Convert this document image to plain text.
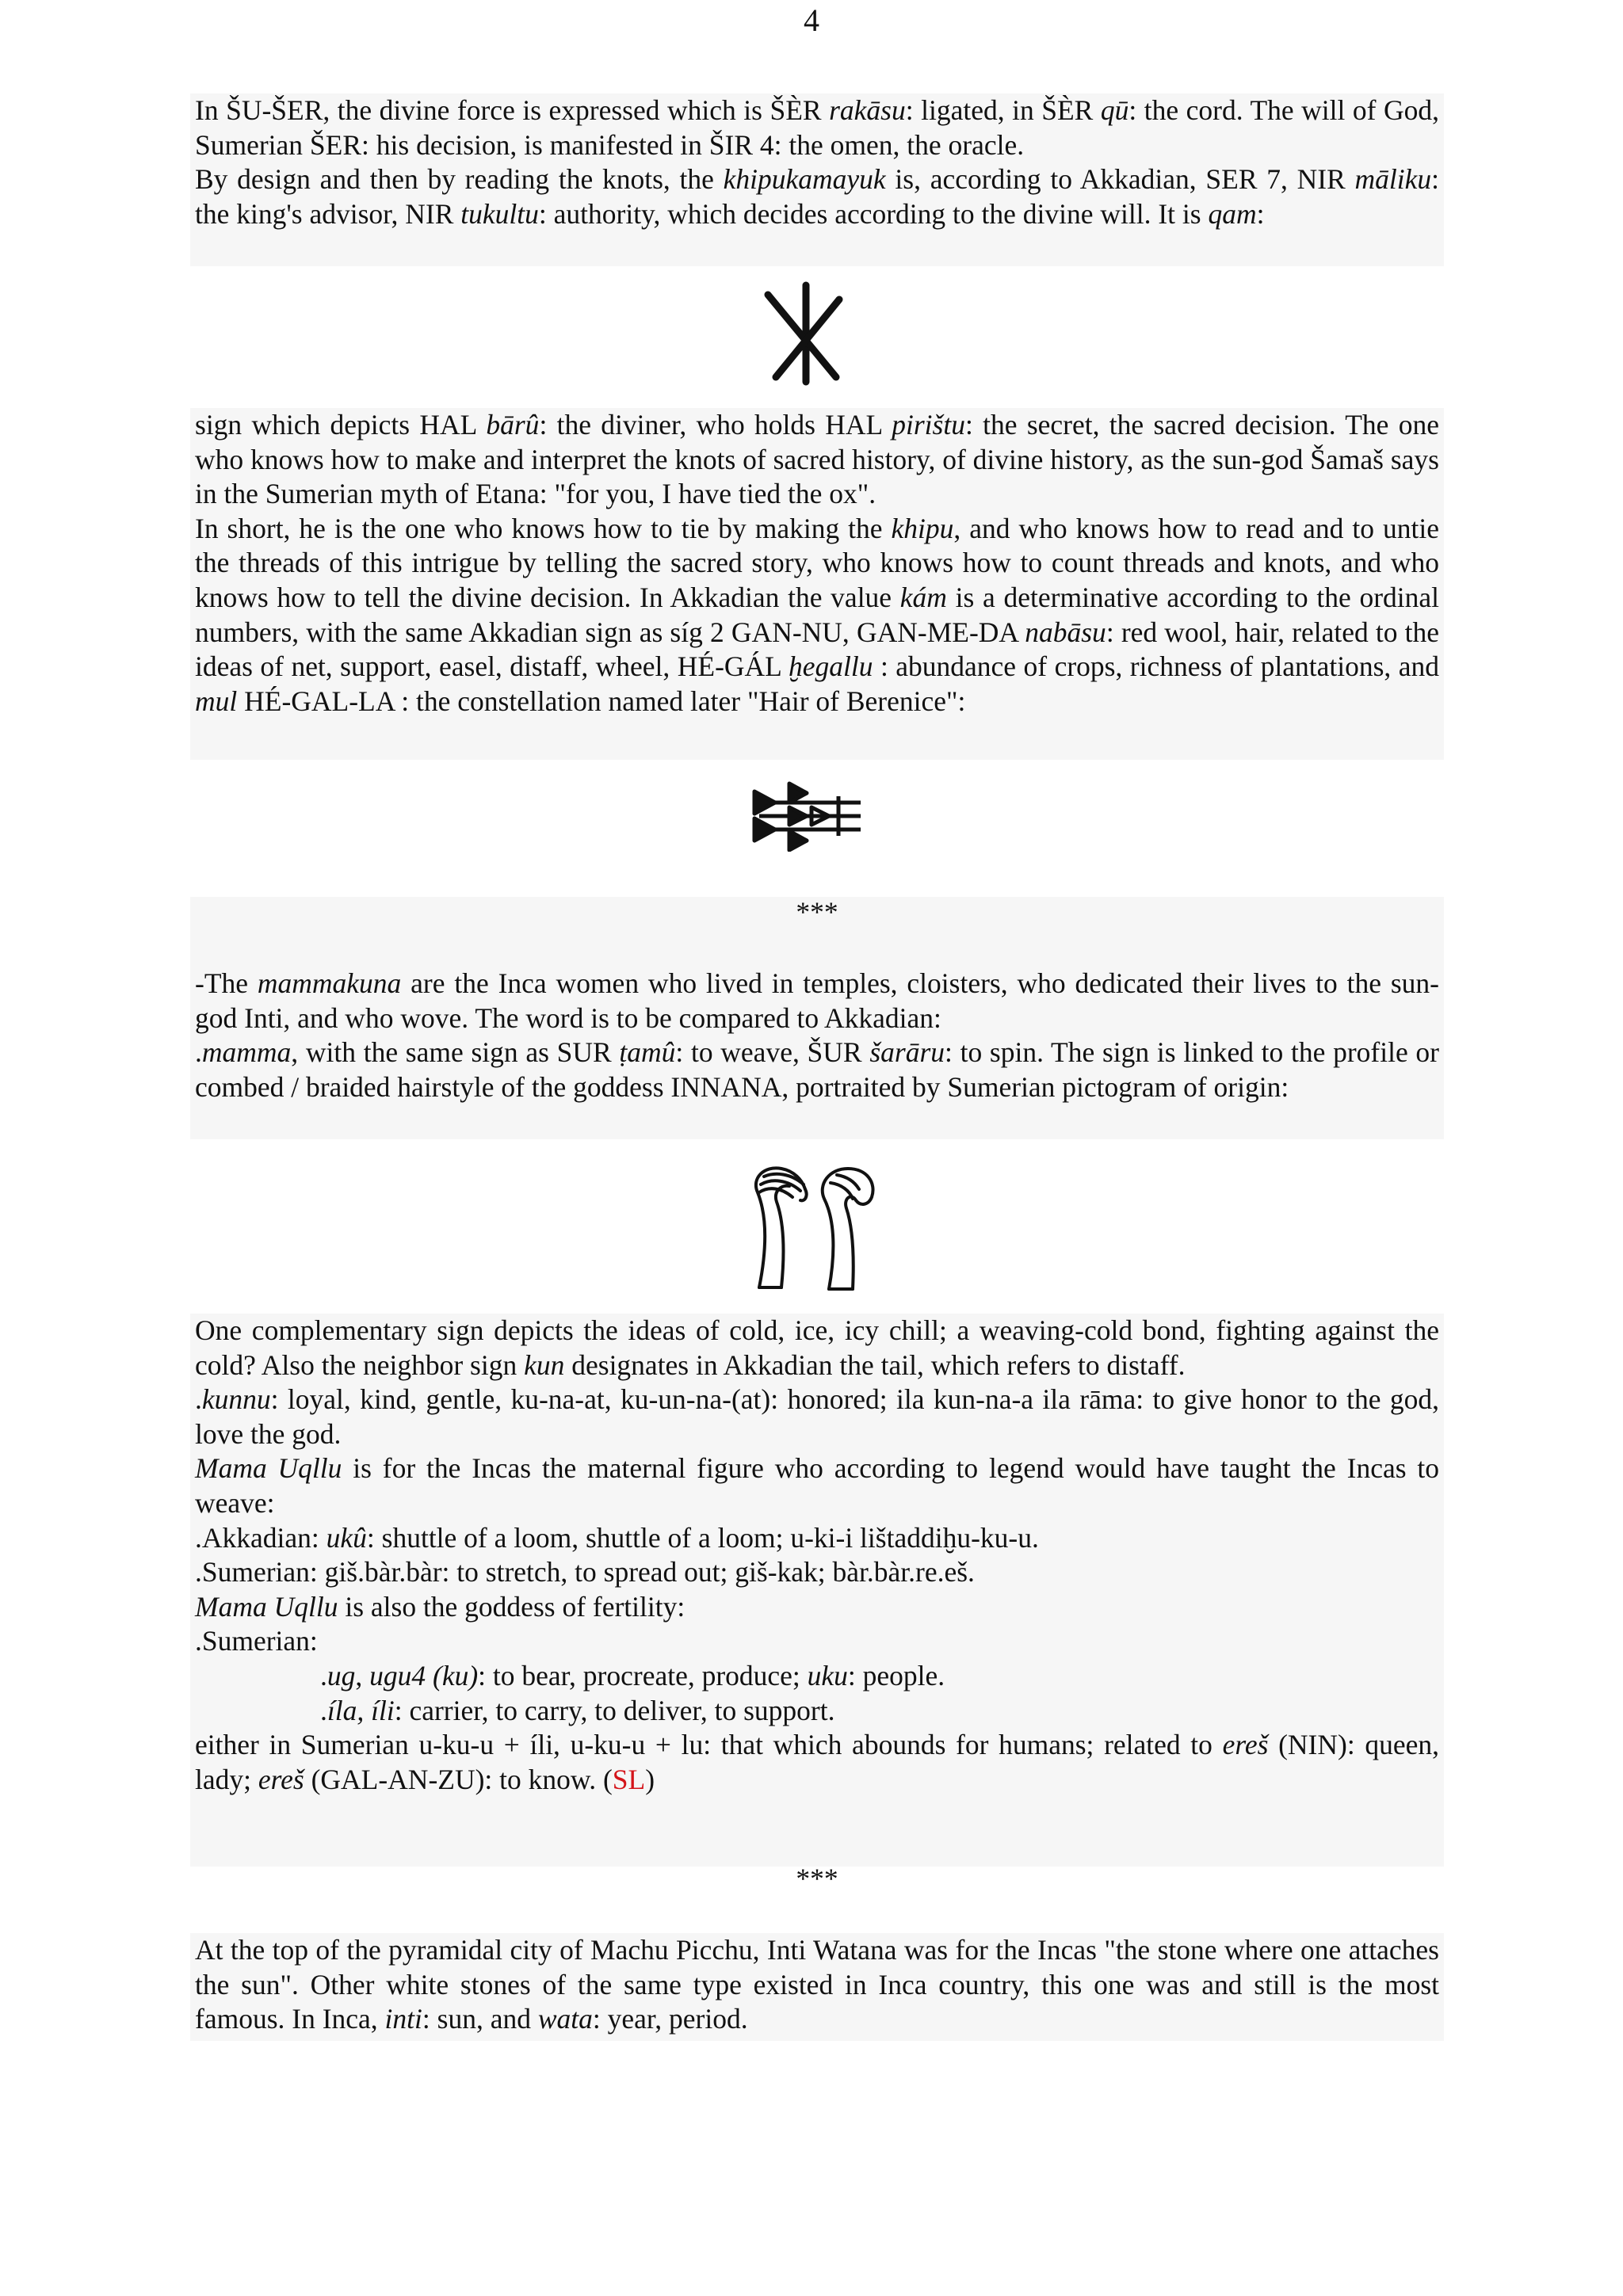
4

In ŠU-ŠER, the divine force is expressed which is ŠÈR rakāsu: ligated, in ŠÈR qū: the cord. The will of God, Sumerian ŠER: his decision, is manifested in ŠIR 4: the omen, the oracle.

By design and then by reading the knots, the khipukamayuk is, according to Akkadian, SER 7, NIR māliku: the king's advisor, NIR tukultu: authority, which decides according to the divine will. It is qam:

sign which depicts HAL bārû: the diviner, who holds HAL pirištu: the secret, the sacred decision. The one who knows how to make and interpret the knots of sacred history, of divine history, as the sun-god Šamaš says in the Sumerian myth of Etana: "for you, I have tied the ox".

In short, he is the one who knows how to tie by making the khipu, and who knows how to read and to untie the threads of this intrigue by telling the sacred story, who knows how to count threads and knots, and who knows how to tell the divine decision. In Akkadian the value kám is a determinative according to the ordinal numbers, with the same Akkadian sign as síg 2 GAN-NU, GAN-ME-DA nabāsu: red wool, hair, related to the ideas of net, support, easel, distaff, wheel, HÉ-GÁL ḫegallu : abundance of crops, richness of plantations, and mul HÉ-GAL-LA : the constellation named later "Hair of Berenice":

***

-The mammakuna are the Inca women who lived in temples, cloisters, who dedicated their lives to the sun-god Inti, and who wove. The word is to be compared to Akkadian:

.mamma, with the same sign as SUR ṭamû: to weave, ŠUR šarāru: to spin. The sign is linked to the profile or combed / braided hairstyle of the goddess INNANA, portraited by Sumerian pictogram of origin:

One complementary sign depicts the ideas of cold, ice, icy chill; a weaving-cold bond, fighting against the cold? Also the neighbor sign kun designates in Akkadian the tail, which refers to distaff.

.kunnu: loyal, kind, gentle, ku-na-at, ku-un-na-(at): honored; ila kun-na-a ila rāma: to give honor to the god, love the god.

Mama Uqllu is for the Incas the maternal figure who according to legend would have taught the Incas to weave:

.Akkadian: ukû: shuttle of a loom, shuttle of a loom; u-ki-i lištaddiḫu-ku-u.

.Sumerian: giš.bàr.bàr: to stretch, to spread out; giš-kak; bàr.bàr.re.eš.

Mama Uqllu is also the goddess of fertility:

.Sumerian:

.ug, ugu4 (ku): to bear, procreate, produce; uku: people.

.íla, íli: carrier, to carry, to deliver, to support.

either in Sumerian u-ku-u + íli, u-ku-u + lu: that which abounds for humans; related to ereš (NIN): queen, lady; ereš (GAL-AN-ZU): to know. (SL)

***

At the top of the pyramidal city of Machu Picchu, Inti Watana was for the Incas "the stone where one attaches the sun". Other white stones of the same type existed in Inca country, this one was and still is the most famous. In Inca, inti: sun, and wata: year, period.
